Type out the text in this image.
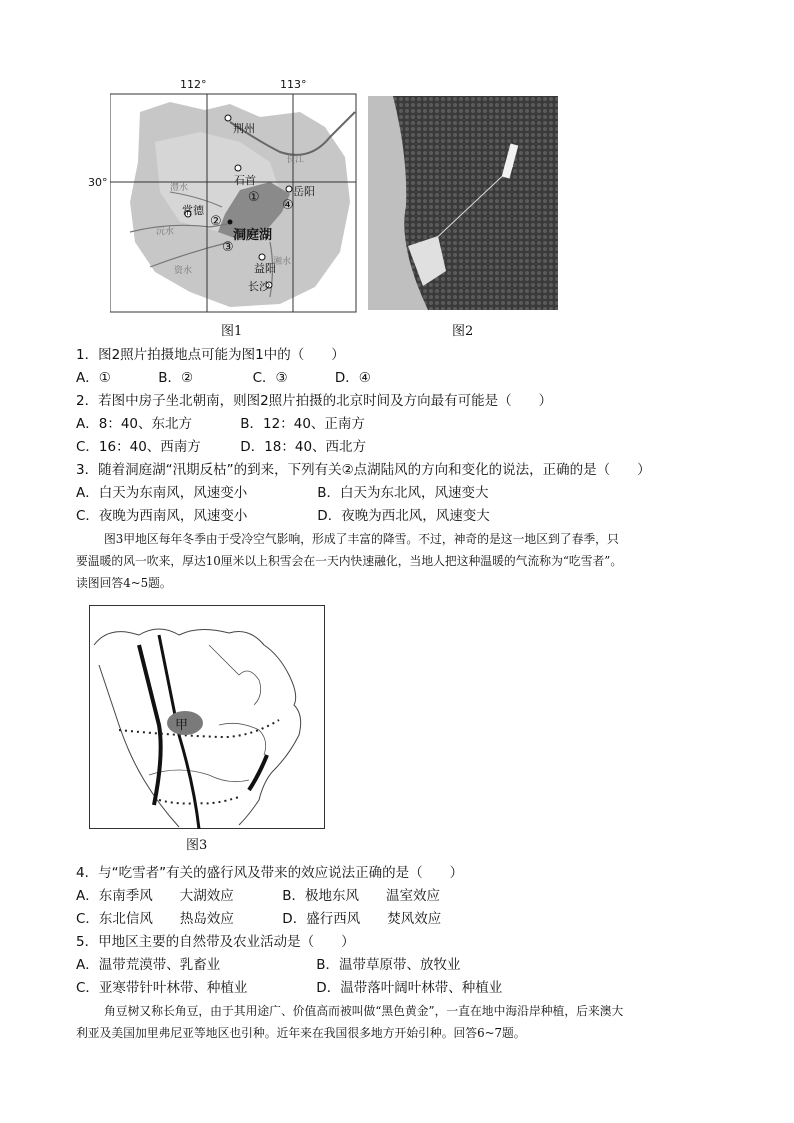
112°	113°
30°
荆州
石首
岳阳
常德
洞庭湖
益阳
长沙
沅水
资水
湘水
长江
澧水
①
②
③
④
图1	图2
1．图2照片拍摄地点可能为图1中的（　　）
A．①	B．②	C．③	D．④
2．若图中房子坐北朝南，则图2照片拍摄的北京时间及方向最有可能是（　　）
A．8：40、东北方	B．12：40、正南方
C．16：40、西南方	D．18：40、西北方
3．随着洞庭湖“汛期反枯”的到来，下列有关②点湖陆风的方向和变化的说法，正确的是（　　）
A．白天为东南风，风速变小	B．白天为东北风，风速变大
C．夜晚为西南风，风速变小	D．夜晚为西北风，风速变大
图3甲地区每年冬季由于受冷空气影响，形成了丰富的降雪。不过，神奇的是这一地区到了春季，只
要温暖的风一吹来，厚达10厘米以上积雪会在一天内快速融化，当地人把这种温暖的气流称为“吃雪者”。
读图回答4~5题。
甲
图3
4．与“吃雪者”有关的盛行风及带来的效应说法正确的是（　　）
A．东南季风　　大湖效应	B．极地东风　　温室效应
C．东北信风　　热岛效应	D．盛行西风　　焚风效应
5．甲地区主要的自然带及农业活动是（　　）
A．温带荒漠带、乳畜业	B．温带草原带、放牧业
C．亚寒带针叶林带、种植业	D．温带落叶阔叶林带、种植业
角豆树又称长角豆，由于其用途广、价值高而被叫做“黑色黄金”，一直在地中海沿岸种植，后来澳大
利亚及美国加里弗尼亚等地区也引种。近年来在我国很多地方开始引种。回答6~7题。
